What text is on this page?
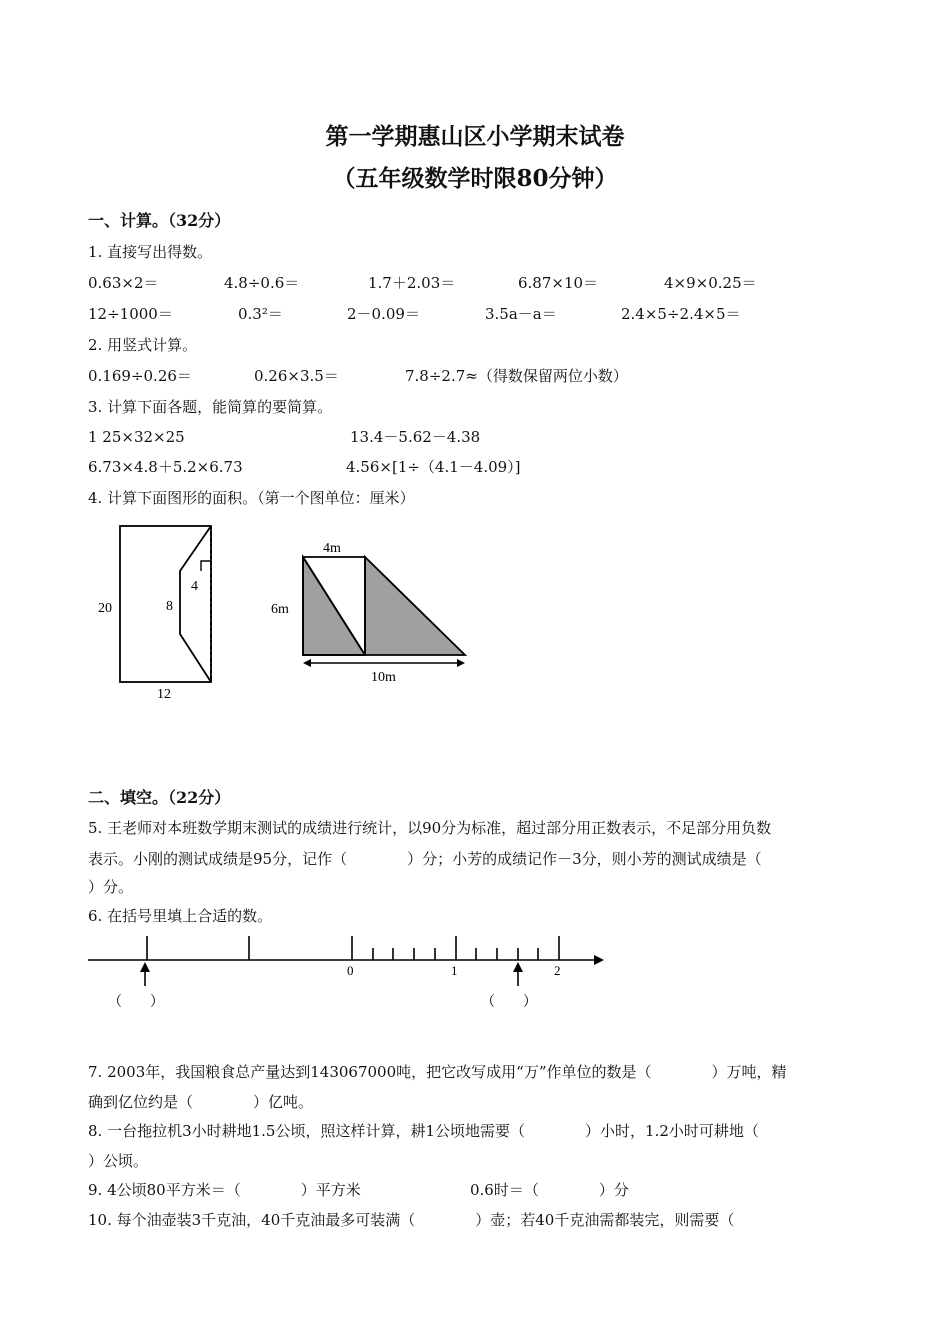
第一学期惠山区小学期末试卷
（五年级数学时限80分钟）
一、计算。（32分）
1. 直接写出得数。
0.63×2＝	4.8÷0.6＝	1.7＋2.03＝	6.87×10＝	4×9×0.25＝
12÷1000＝	0.3²＝	2－0.09＝	3.5a－a＝	2.4×5÷2.4×5＝
2. 用竖式计算。
0.169÷0.26＝	0.26×3.5＝	7.8÷2.7≈（得数保留两位小数）
3. 计算下面各题，能简算的要简算。
1 25×32×25	13.4－5.62－4.38
6.73×4.8＋5.2×6.73	4.56×[1÷（4.1－4.09）]
4. 计算下面图形的面积。（第一个图单位：厘米）
20	8
4
12
4m
6m
10m
二、填空。（22分）
5. 王老师对本班数学期末测试的成绩进行统计，以90分为标准，超过部分用正数表示，不足部分用负数
表示。小刚的测试成绩是95分，记作（　　　　）分；小芳的成绩记作－3分，则小芳的测试成绩是（
）分。
6. 在括号里填上合适的数。
0	1	2
（　　）	（　　）
7. 2003年，我国粮食总产量达到143067000吨，把它改写成用“万”作单位的数是（　　　　）万吨，精
确到亿位约是（　　　　）亿吨。
8. 一台拖拉机3小时耕地1.5公顷，照这样计算，耕1公顷地需要（　　　　）小时，1.2小时可耕地（
）公顷。
9. 4公顷80平方米＝（　　　　）平方米	0.6时＝（　　　　）分
10. 每个油壶装3千克油，40千克油最多可装满（　　　　）壶；若40千克油需都装完，则需要（
